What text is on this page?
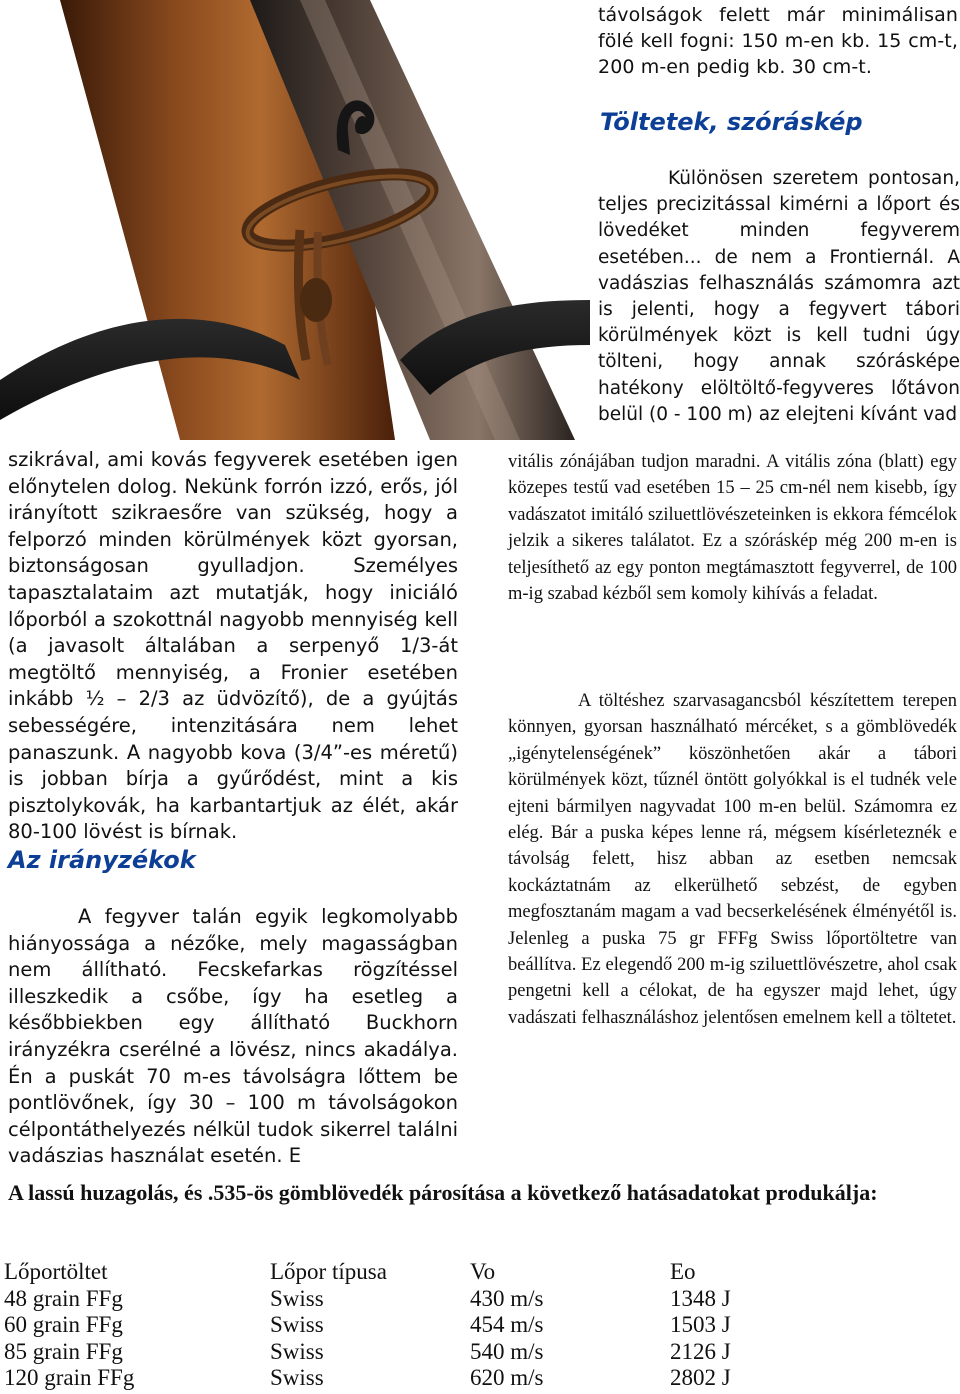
távolságok felett már minimálisan fölé kell fogni: 150 m-en kb. 15 cm-t, 200 m-en pedig kb. 30 cm-t.

Töltetek, szóráskép

Különösen szeretem pontosan, teljes precizitással kimérni a lőport és lövedéket minden fegyverem esetében... de nem a Frontiernál. A vadászias felhasználás számomra azt is jelenti, hogy a fegyvert tábori körülmények közt is kell tudni úgy tölteni, hogy annak szórásképe hatékony elöltöltő-fegyveres lőtávon belül (0 - 100 m) az elejteni kívánt vad

szikrával, ami kovás fegyverek esetében igen előnytelen dolog. Nekünk forrón izzó, erős, jól irányított szikraesőre van szükség, hogy a felporzó minden körülmények közt gyorsan, biztonságosan gyulladjon. Személyes tapasztalataim azt mutatják, hogy iniciáló lőporból a szokottnál nagyobb mennyiség kell (a javasolt általában a serpenyő 1/3-át megtöltő mennyiség, a Fronier esetében inkább ½ – 2/3 az üdvözítő), de a gyújtás sebességére, intenzitására nem lehet panaszunk. A nagyobb kova (3/4”-es méretű) is jobban bírja a gyűrődést, mint a kis pisztolykovák, ha karbantartjuk az élét, akár 80-100 lövést is bírnak.

Az irányzékok

A fegyver talán egyik legkomolyabb hiányossága a nézőke, mely magasságban nem állítható. Fecskefarkas rögzítéssel illeszkedik a csőbe, így ha esetleg a későbbiekben egy állítható Buckhorn irányzékra cserélné a lövész, nincs akadálya. Én a puskát 70 m-es távolságra lőttem be pontlövőnek, így 30 – 100 m távolságokon célpontáthelyezés nélkül tudok sikerrel találni vadászias használat esetén. E

vitális zónájában tudjon maradni. A vitális zóna (blatt) egy közepes testű vad esetében 15 – 25 cm-nél nem kisebb, így vadászatot imitáló sziluettlövészeteinken is ekkora fémcélok jelzik a sikeres találatot. Ez a szóráskép még 200 m-en is teljesíthető az egy ponton megtámasztott fegyverrel, de 100 m-ig szabad kézből sem komoly kihívás a feladat.

A töltéshez szarvasagancsból készítettem terepen könnyen, gyorsan használható mércéket, s a gömblövedék „igénytelenségének” köszönhetően akár a tábori körülmények közt, tűznél öntött golyókkal is el tudnék vele ejteni bármilyen nagyvadat 100 m-en belül. Számomra ez elég. Bár a puska képes lenne rá, mégsem kísérleteznék e távolság felett, hisz abban az esetben nemcsak kockáztatnám az elkerülhető sebzést, de egyben megfosztanám magam a vad becserkelésének élményétől is. Jelenleg a puska 75 gr FFFg Swiss lőportöltetre van beállítva. Ez elegendő 200 m-ig sziluettlövészetre, ahol csak pengetni kell a célokat, de ha egyszer majd lehet, úgy vadászati felhasználáshoz jelentősen emelnem kell a töltetet.

A lassú huzagolás, és .535-ös gömblövedék párosítása a következő hatásadatokat produkálja:
Lőportöltet	Lőpor típusa	Vo	Eo
48 grain FFg	Swiss	430 m/s	1348 J
60 grain FFg	Swiss	454 m/s	1503 J
85 grain FFg	Swiss	540 m/s	2126 J
120 grain FFg	Swiss	620 m/s	2802 J
